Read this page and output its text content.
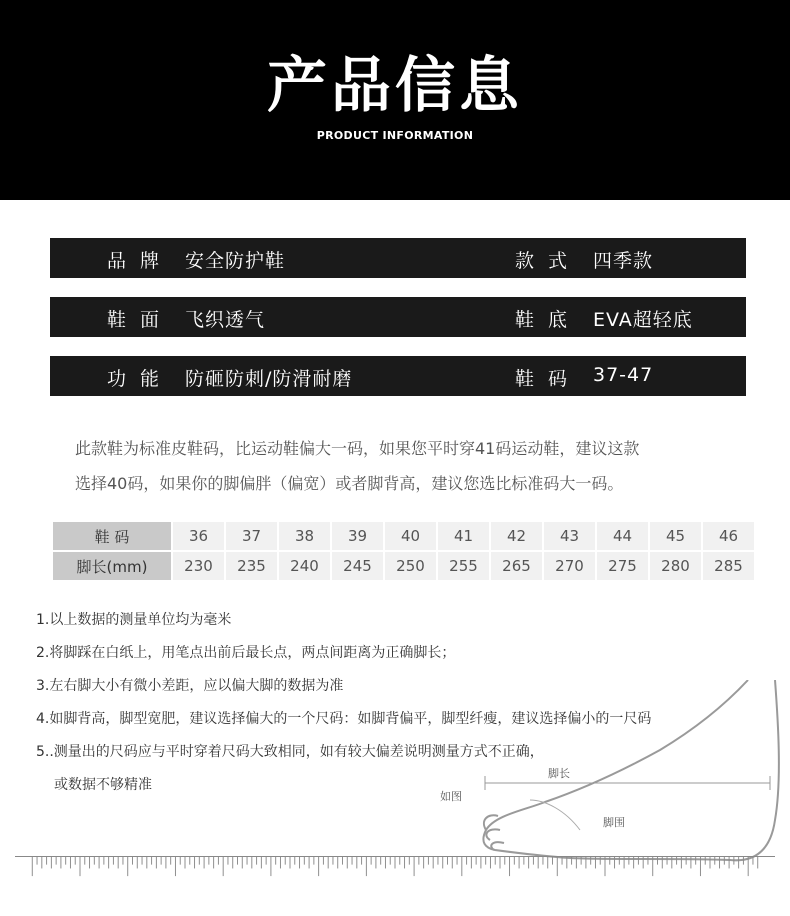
产品信息
PRODUCT INFORMATION
品牌 安全防护鞋	款式 四季款
鞋面 飞织透气	鞋底 EVA超轻底
功能 防砸防刺/防滑耐磨	鞋码 37-47
此款鞋为标准皮鞋码，比运动鞋偏大一码，如果您平时穿41码运动鞋，建议这款
选择40码，如果你的脚偏胖（偏宽）或者脚背高，建议您选比标准码大一码。
鞋 码	36	37	38	39	40	41	42	43	44	45	46
脚长(mm)	230	235	240	245	250	255	265	270	275	280	285
1.以上数据的测量单位均为毫米
2.将脚踩在白纸上，用笔点出前后最长点，两点间距离为正确脚长；
3.左右脚大小有微小差距，应以偏大脚的数据为准
4.如脚背高，脚型宽肥，建议选择偏大的一个尺码：如脚背偏平，脚型纤瘦，建议选择偏小的一尺码
5..测量出的尺码应与平时穿着尺码大致相同，如有较大偏差说明测量方式不正确，
或数据不够精准
脚长
如图
脚围
